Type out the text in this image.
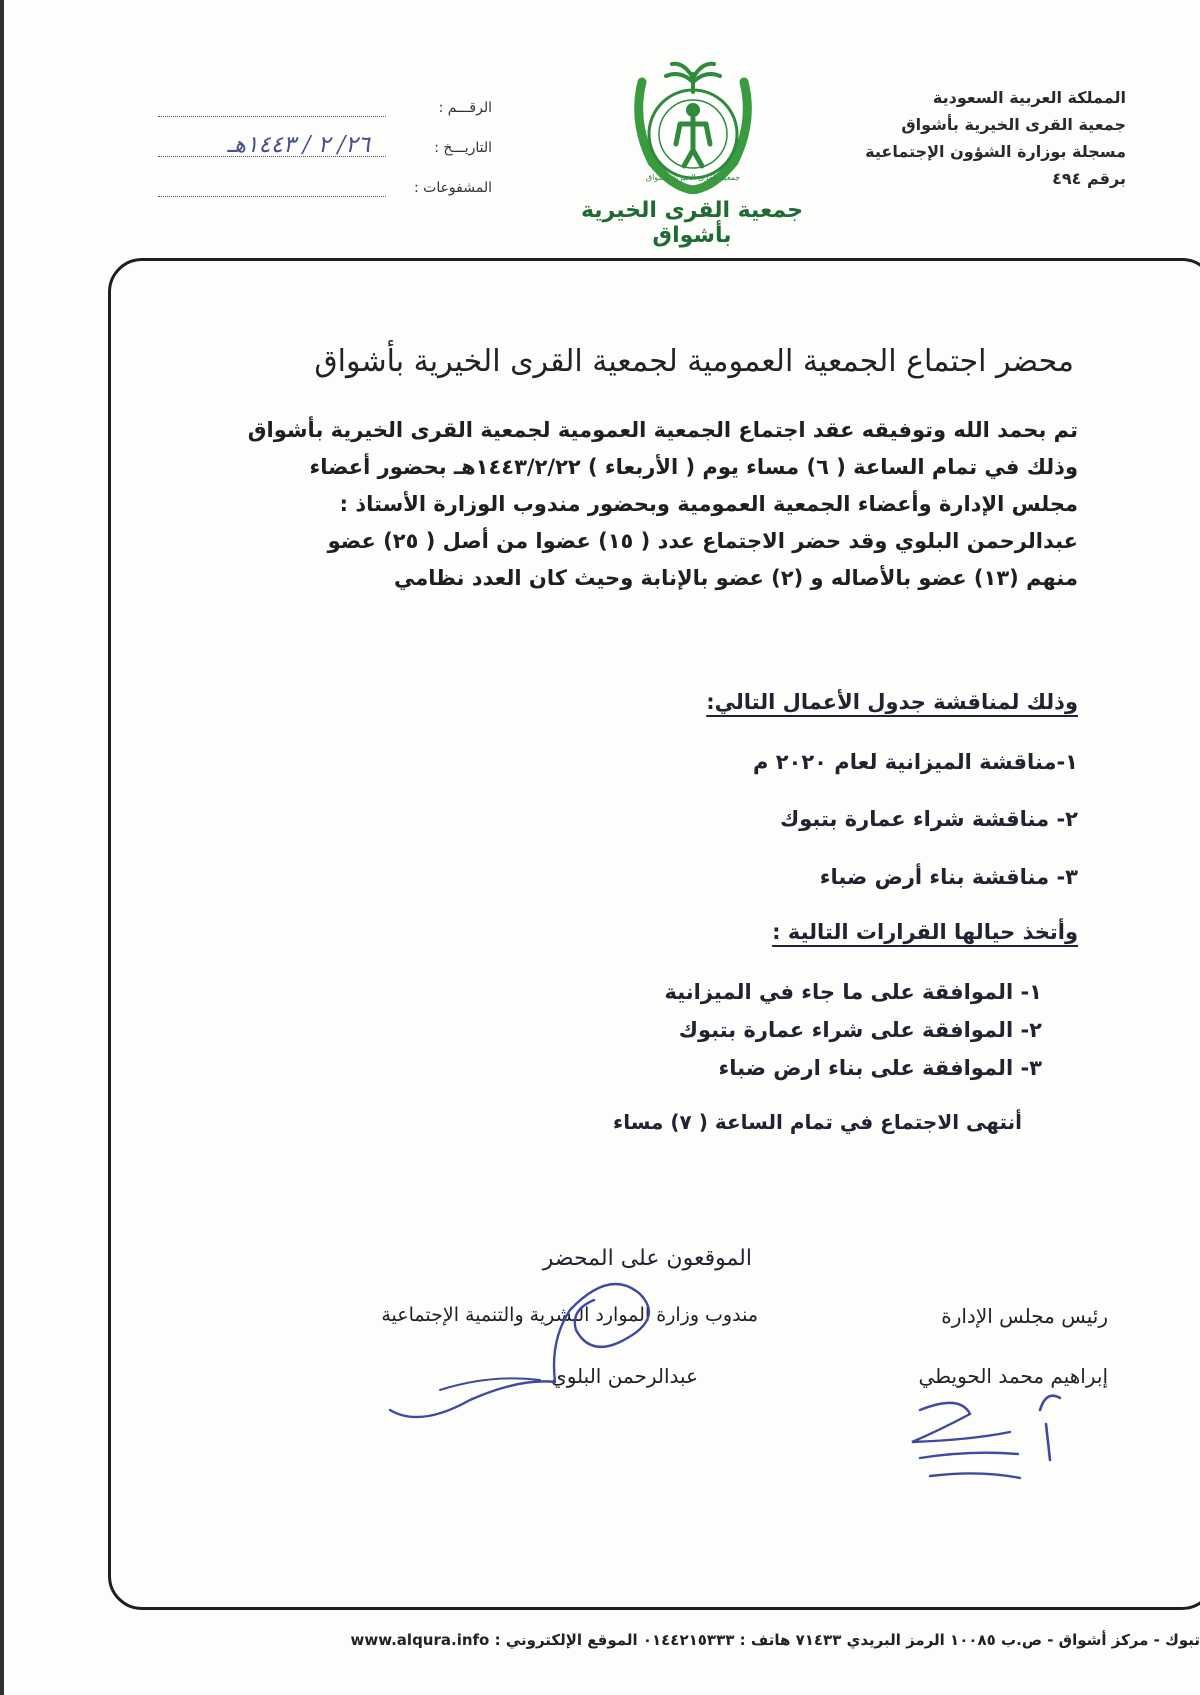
المملكة العربية السعودية
جمعية القرى الخيرية بأشواق
مسجلة بوزارة الشؤون الإجتماعية
برقم ٤٩٤
الرقـــم :
التاريـــخ :
٢٦/ ٢ / ١٤٤٣هـ
المشفوعات :
جمعية القرى الخيرية بأشواق
جمعية القرى الخيرية بأشواق
محضر اجتماع الجمعية العمومية لجمعية القرى الخيرية بأشواق
تم بحمد الله وتوفيقه عقد اجتماع الجمعية العمومية لجمعية القرى الخيرية بأشواق
وذلك في تمام الساعة ( ٦) مساء يوم ( الأربعاء ) ١٤٤٣/٢/٢٢هـ بحضور أعضاء
مجلس الإدارة وأعضاء الجمعية العمومية وبحضور مندوب الوزارة الأستاذ :
عبدالرحمن البلوي وقد حضر الاجتماع عدد ( ١٥) عضوا من أصل ( ٢٥) عضو
منهم (١٣) عضو بالأصاله و (٢) عضو بالإنابة وحيث كان العدد نظامي
وذلك لمناقشة جدول الأعمال التالي:
١-مناقشة الميزانية لعام ٢٠٢٠ م
٢- مناقشة شراء عمارة بتبوك
٣- مناقشة بناء أرض ضباء
وأتخذ حيالها القرارات التالية :
١- الموافقة على ما جاء في الميزانية
٢- الموافقة على شراء عمارة بتبوك
٣- الموافقة على بناء ارض ضباء
أنتهى الاجتماع في تمام الساعة ( ٧) مساء
الموقعون على المحضر
مندوب وزارة الموارد البشرية والتنمية الإجتماعية
عبدالرحمن البلوي
رئيس مجلس الإدارة
إبراهيم محمد الحويطي
تبوك - مركز أشواق - ص.ب ١٠٠٨٥ الرمز البريدي ٧١٤٣٣ هاتف : ٠١٤٤٢١٥٣٣٣ الموقع الإلكتروني : www.alqura.info
